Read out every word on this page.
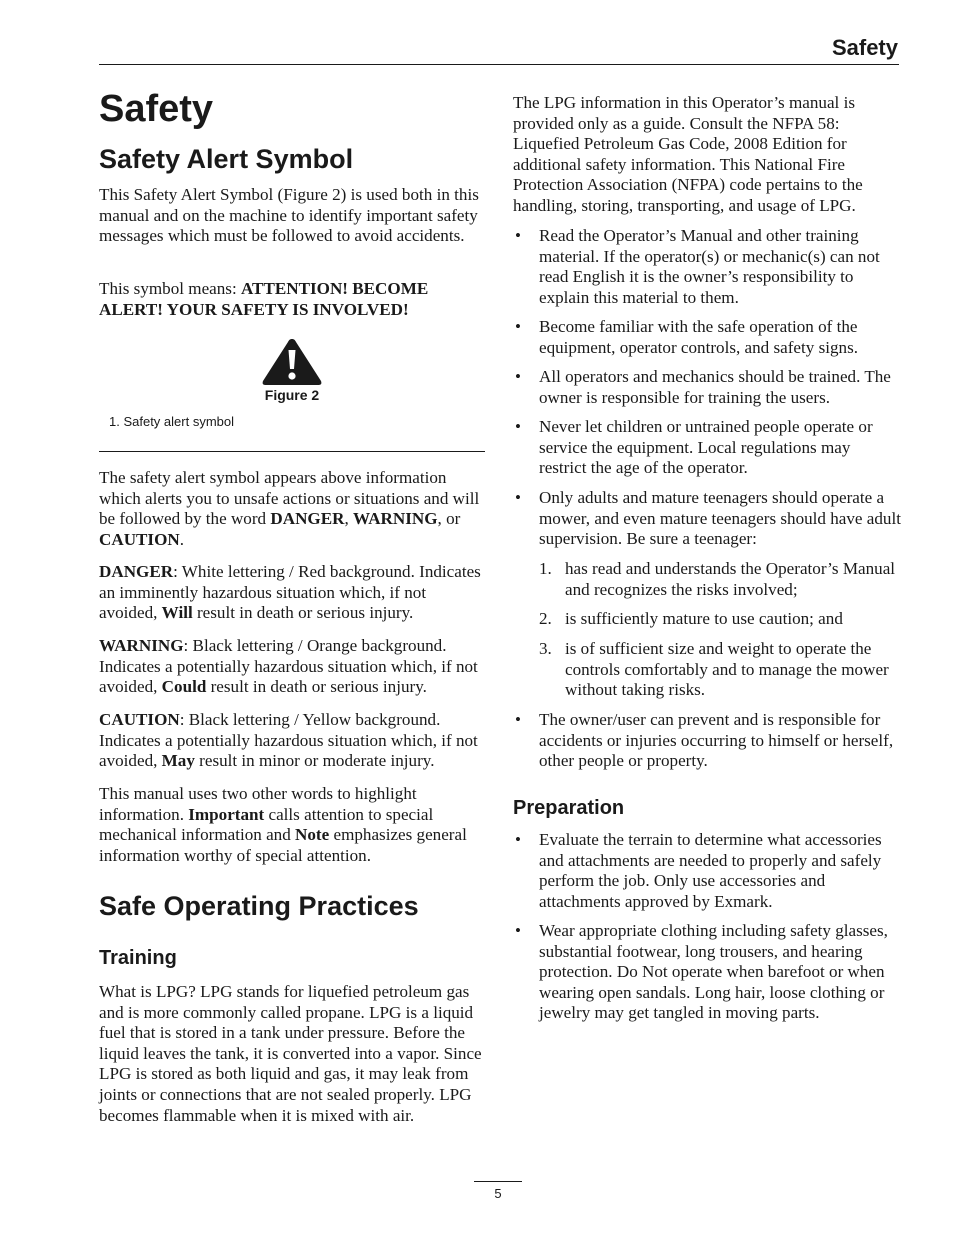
Safety
Safety
Safety Alert Symbol

This Safety Alert Symbol (Figure 2) is used both in this manual and on the machine to identify important safety messages which must be followed to avoid accidents.

This symbol means: ATTENTION! BECOME ALERT! YOUR SAFETY IS INVOLVED!

Figure 2
1. Safety alert symbol

The safety alert symbol appears above information which alerts you to unsafe actions or situations and will be followed by the word DANGER, WARNING, or CAUTION.

DANGER: White lettering / Red background. Indicates an imminently hazardous situation which, if not avoided, Will result in death or serious injury.

WARNING: Black lettering / Orange background. Indicates a potentially hazardous situation which, if not avoided, Could result in death or serious injury.

CAUTION: Black lettering / Yellow background. Indicates a potentially hazardous situation which, if not avoided, May result in minor or moderate injury.

This manual uses two other words to highlight information. Important calls attention to special mechanical information and Note emphasizes general information worthy of special attention.

Safe Operating Practices
Training

What is LPG? LPG stands for liquefied petroleum gas and is more commonly called propane. LPG is a liquid fuel that is stored in a tank under pressure. Before the liquid leaves the tank, it is converted into a vapor. Since LPG is stored as both liquid and gas, it may leak from joints or connections that are not sealed properly. LPG becomes flammable when it is mixed with air.

The LPG information in this Operator’s manual is provided only as a guide. Consult the NFPA 58: Liquefied Petroleum Gas Code, 2008 Edition for additional safety information. This National Fire Protection Association (NFPA) code pertains to the handling, storing, transporting, and usage of LPG.

• Read the Operator’s Manual and other training material. If the operator(s) or mechanic(s) can not read English it is the owner’s responsibility to explain this material to them.

• Become familiar with the safe operation of the equipment, operator controls, and safety signs.

• All operators and mechanics should be trained. The owner is responsible for training the users.

• Never let children or untrained people operate or service the equipment. Local regulations may restrict the age of the operator.

• Only adults and mature teenagers should operate a mower, and even mature teenagers should have adult supervision. Be sure a teenager:

1. has read and understands the Operator’s Manual and recognizes the risks involved;

2. is sufficiently mature to use caution; and

3. is of sufficient size and weight to operate the controls comfortably and to manage the mower without taking risks.

• The owner/user can prevent and is responsible for accidents or injuries occurring to himself or herself, other people or property.

Preparation
• Evaluate the terrain to determine what accessories and attachments are needed to properly and safely perform the job. Only use accessories and attachments approved by Exmark.

• Wear appropriate clothing including safety glasses, substantial footwear, long trousers, and hearing protection. Do Not operate when barefoot or when wearing open sandals. Long hair, loose clothing or jewelry may get tangled in moving parts.

5
